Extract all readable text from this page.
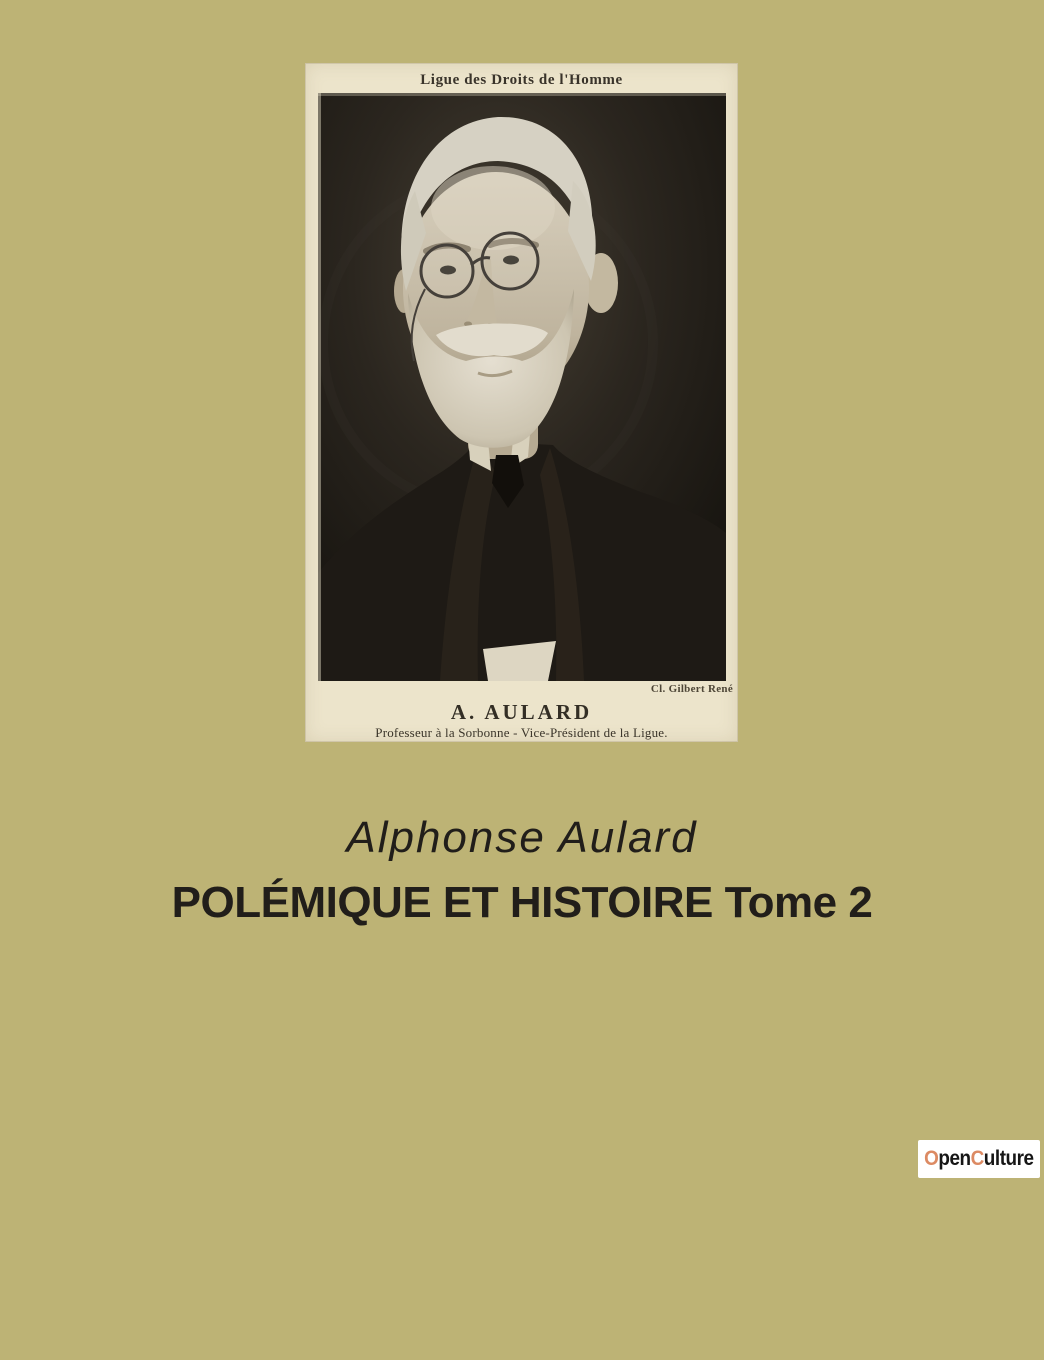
Ligue des Droits de l'Homme
Cl. Gilbert René
A. AULARD
Professeur à la Sorbonne - Vice-Président de la Ligue.
Alphonse Aulard
POLÉMIQUE ET HISTOIRE Tome 2
OpenCulture
